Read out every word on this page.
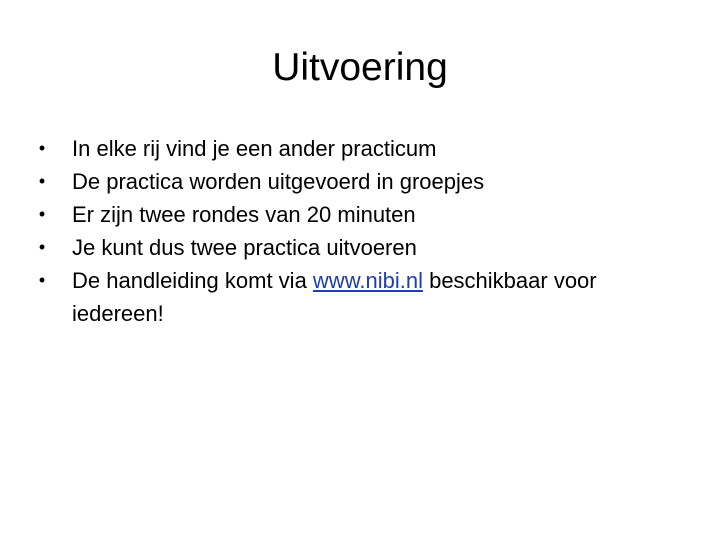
Uitvoering
• In elke rij vind je een ander practicum
• De practica worden uitgevoerd in groepjes
• Er zijn twee rondes van 20 minuten
• Je kunt dus twee practica uitvoeren
• De handleiding komt via www.nibi.nl beschikbaar voor iedereen!
